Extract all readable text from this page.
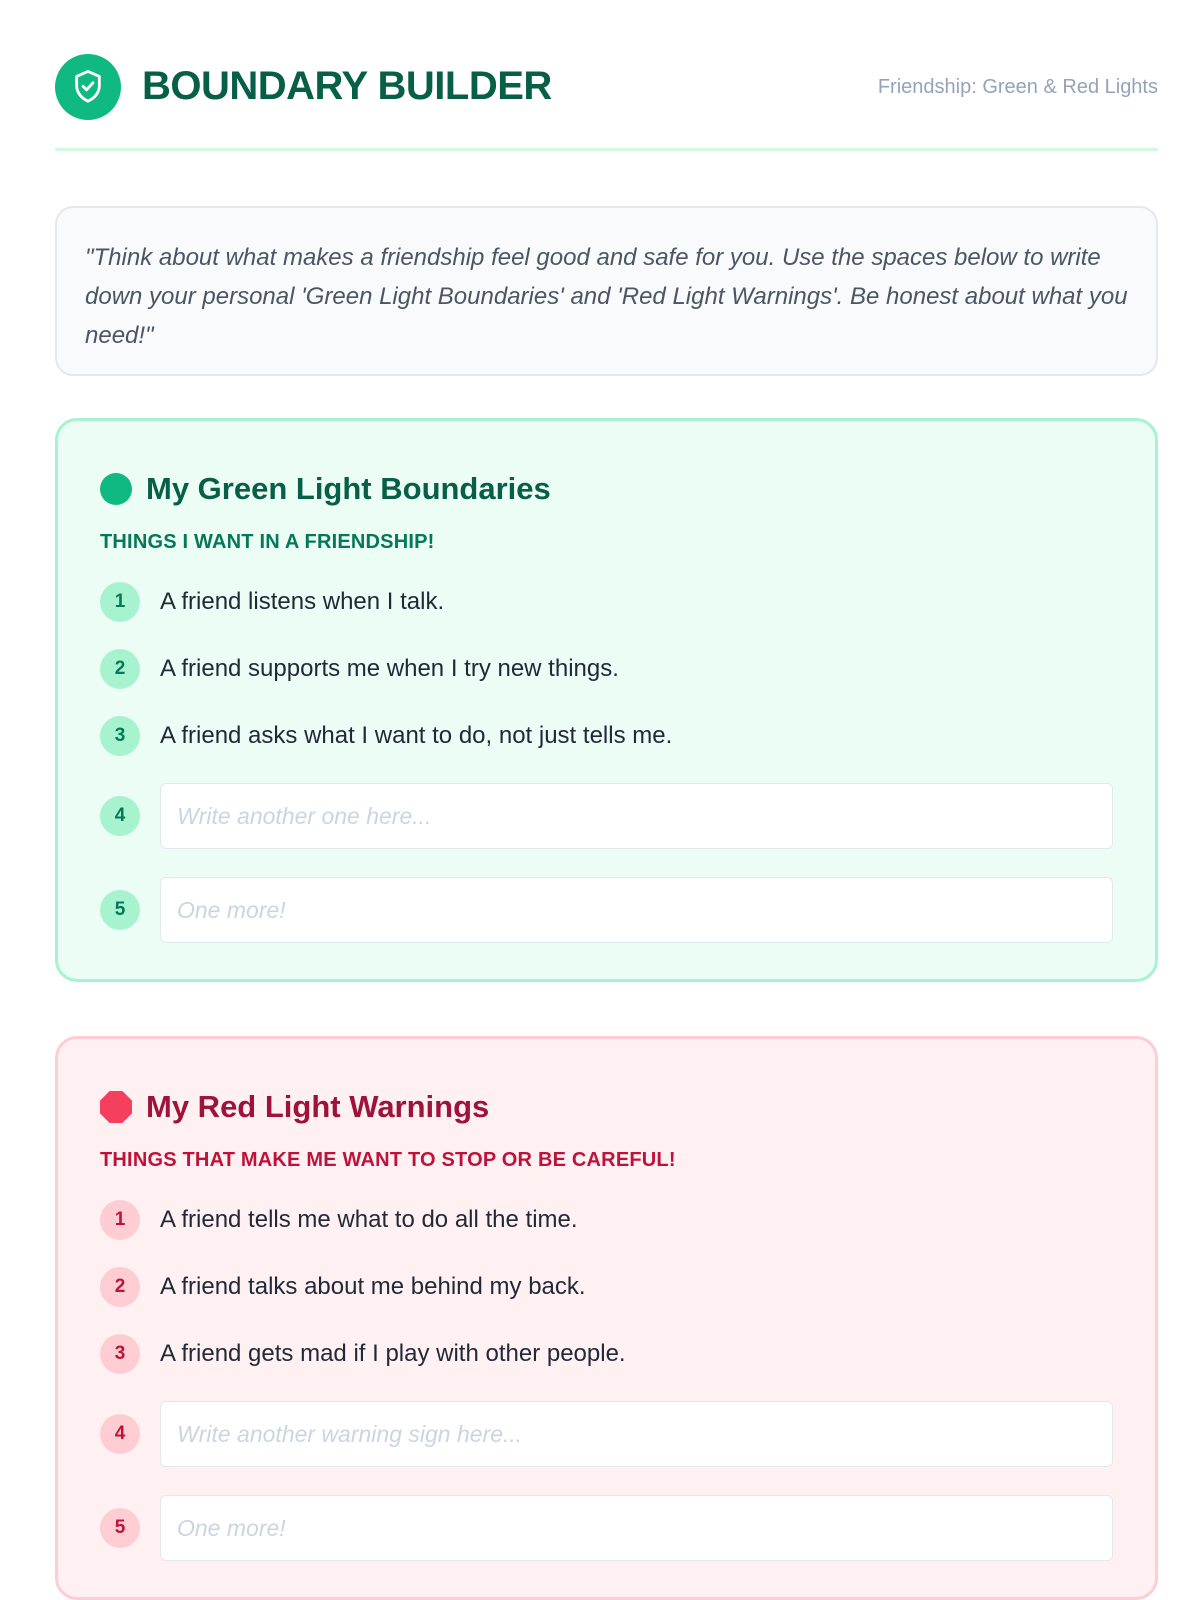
BOUNDARY BUILDER	Friendship: Green & Red Lights

"Think about what makes a friendship feel good and safe for you. Use the spaces below to write down your personal 'Green Light Boundaries' and 'Red Light Warnings'. Be honest about what you need!"

My Green Light Boundaries
THINGS I WANT IN A FRIENDSHIP!
1	A friend listens when I talk.
2	A friend supports me when I try new things.
3	A friend asks what I want to do, not just tells me.
4
Write another one here...
5
One more!
My Red Light Warnings
THINGS THAT MAKE ME WANT TO STOP OR BE CAREFUL!
1	A friend tells me what to do all the time.
2	A friend talks about me behind my back.
3	A friend gets mad if I play with other people.
4
Write another warning sign here...
5
One more!
